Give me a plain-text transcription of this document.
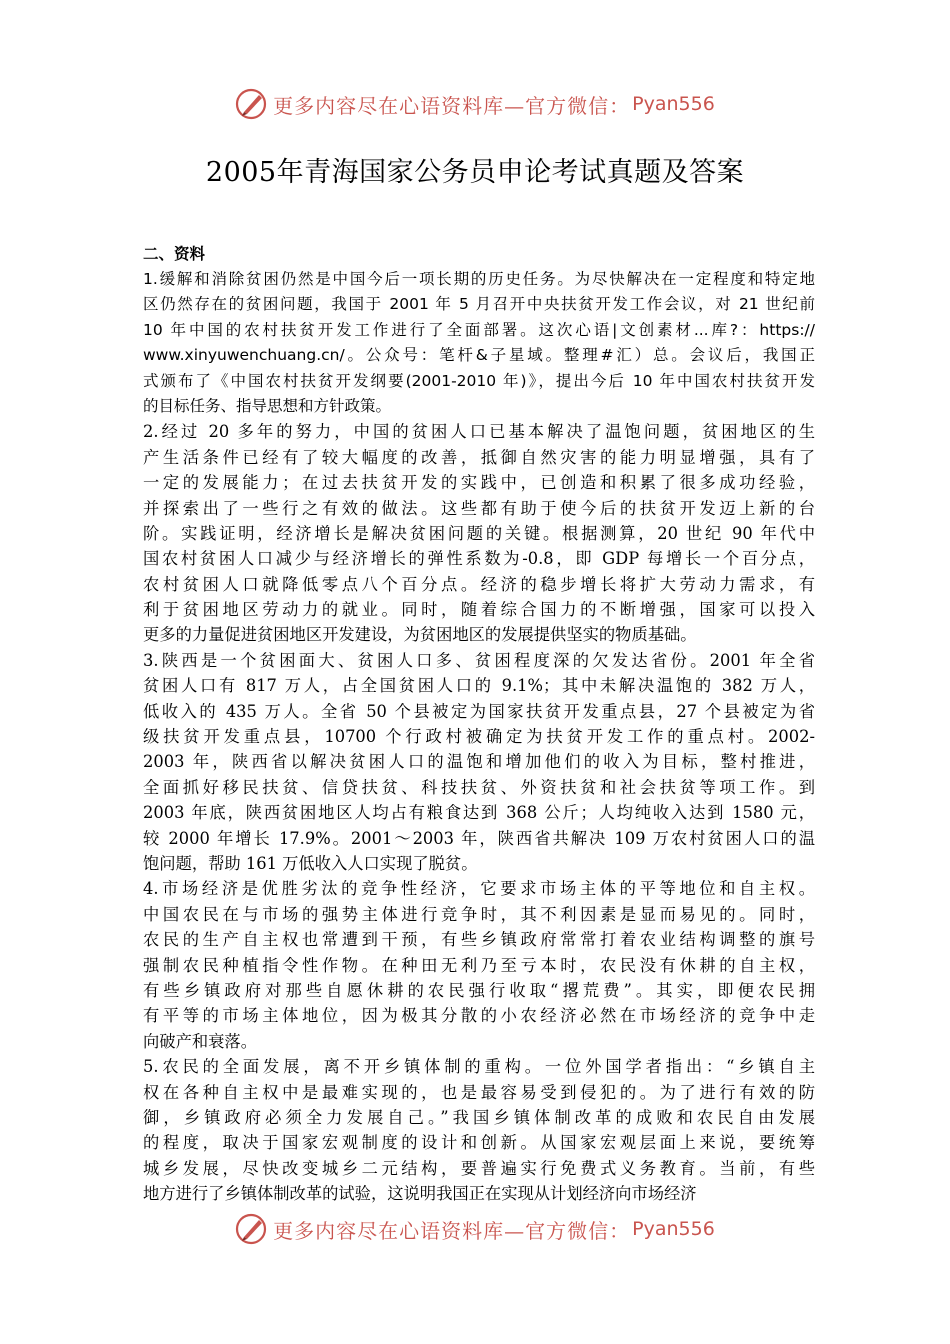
更多内容尽在心语资料库—官方微信： Pyan556
2005年青海国家公务员申论考试真题及答案
二、资料
1.缓解和消除贫困仍然是中国今后一项长期的历史任务。为尽快解决在一定程度和特定地
区仍然存在的贫困问题，我国于 2001 年 5 月召开中央扶贫开发工作会议，对 21 世纪前
10 年中国的农村扶贫开发工作进行了全面部署。这次心语|文创素材...库?：https://
www.xinyuwenchuang.cn/。公众号：笔杆&子星域。整理#汇）总。会议后，我国正
式颁布了《中国农村扶贫开发纲要(2001-2010 年)》，提出今后 10 年中国农村扶贫开发
的目标任务、指导思想和方针政策。
2.经过 20 多年的努力，中国的贫困人口已基本解决了温饱问题，贫困地区的生
产生活条件已经有了较大幅度的改善，抵御自然灾害的能力明显增强，具有了
一定的发展能力；在过去扶贫开发的实践中，已创造和积累了很多成功经验，
并探索出了一些行之有效的做法。这些都有助于使今后的扶贫开发迈上新的台
阶。实践证明，经济增长是解决贫困问题的关键。根据测算，20 世纪 90 年代中
国农村贫困人口减少与经济增长的弹性系数为-0.8，即 GDP 每增长一个百分点，
农村贫困人口就降低零点八个百分点。经济的稳步增长将扩大劳动力需求，有
利于贫困地区劳动力的就业。同时，随着综合国力的不断增强，国家可以投入
更多的力量促进贫困地区开发建设，为贫困地区的发展提供坚实的物质基础。
3.陕西是一个贫困面大、贫困人口多、贫困程度深的欠发达省份。2001 年全省
贫困人口有 817 万人，占全国贫困人口的 9.1%；其中未解决温饱的 382 万人，
低收入的 435 万人。全省 50 个县被定为国家扶贫开发重点县，27 个县被定为省
级扶贫开发重点县，10700 个行政村被确定为扶贫开发工作的重点村。2002-
2003 年，陕西省以解决贫困人口的温饱和增加他们的收入为目标，整村推进，
全面抓好移民扶贫、信贷扶贫、科技扶贫、外资扶贫和社会扶贫等项工作。到
2003 年底，陕西贫困地区人均占有粮食达到 368 公斤；人均纯收入达到 1580 元，
较 2000 年增长 17.9%。2001～2003 年，陕西省共解决 109 万农村贫困人口的温
饱问题，帮助 161 万低收入人口实现了脱贫。
4.市场经济是优胜劣汰的竞争性经济，它要求市场主体的平等地位和自主权。
中国农民在与市场的强势主体进行竞争时，其不利因素是显而易见的。同时，
农民的生产自主权也常遭到干预，有些乡镇政府常常打着农业结构调整的旗号
强制农民种植指令性作物。在种田无利乃至亏本时，农民没有休耕的自主权，
有些乡镇政府对那些自愿休耕的农民强行收取“撂荒费”。其实，即便农民拥
有平等的市场主体地位，因为极其分散的小农经济必然在市场经济的竞争中走
向破产和衰落。
5.农民的全面发展，离不开乡镇体制的重构。一位外国学者指出：“乡镇自主
权在各种自主权中是最难实现的，也是最容易受到侵犯的。为了进行有效的防
御，乡镇政府必须全力发展自己。”我国乡镇体制改革的成败和农民自由发展
的程度，取决于国家宏观制度的设计和创新。从国家宏观层面上来说，要统筹
城乡发展，尽快改变城乡二元结构，要普遍实行免费式义务教育。当前，有些
地方进行了乡镇体制改革的试验，这说明我国正在实现从计划经济向市场经济
更多内容尽在心语资料库—官方微信： Pyan556
